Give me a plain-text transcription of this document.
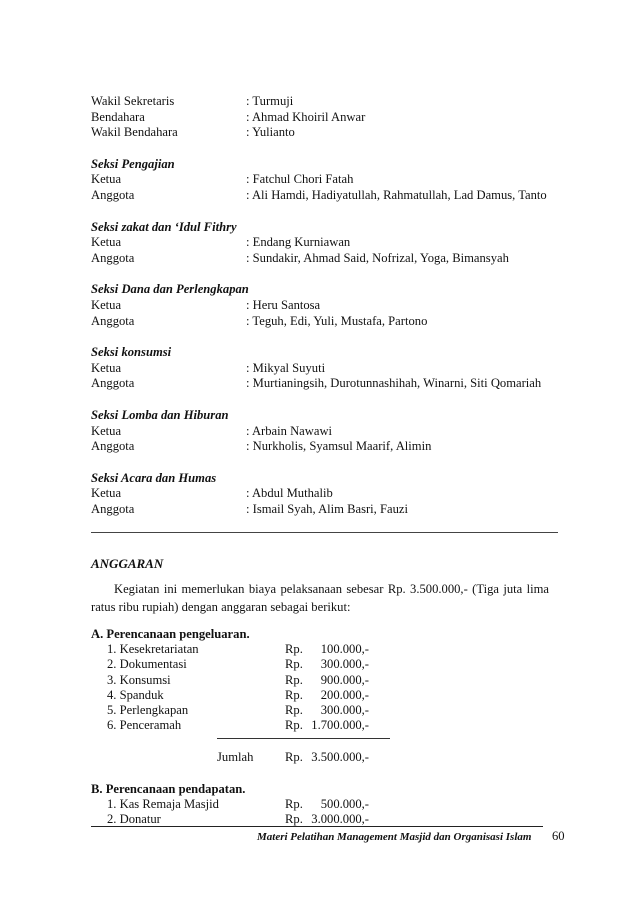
Wakil Sekretaris	: Turmuji
Bendahara	: Ahmad Khoiril Anwar
Wakil Bendahara	: Yulianto
Seksi Pengajian
Ketua	: Fatchul Chori Fatah
Anggota	: Ali Hamdi, Hadiyatullah, Rahmatullah, Lad Damus, Tanto
Seksi zakat dan ‘Idul Fithry
Ketua	: Endang Kurniawan
Anggota	: Sundakir, Ahmad Said, Nofrizal, Yoga, Bimansyah
Seksi Dana dan Perlengkapan
Ketua	: Heru Santosa
Anggota	: Teguh, Edi, Yuli, Mustafa, Partono
Seksi konsumsi
Ketua	: Mikyal Suyuti
Anggota	: Murtianingsih, Durotunnashihah, Winarni, Siti Qomariah
Seksi Lomba dan Hiburan
Ketua	: Arbain Nawawi
Anggota	: Nurkholis, Syamsul Maarif, Alimin
Seksi Acara dan Humas
Ketua	: Abdul Muthalib
Anggota	: Ismail Syah, Alim Basri, Fauzi
ANGGARAN
Kegiatan ini memerlukan biaya pelaksanaan sebesar Rp. 3.500.000,- (Tiga juta lima ratus ribu rupiah) dengan anggaran sebagai berikut:
A. Perencanaan pengeluaran.
1. Kesekretariatan	Rp.	100.000,-
2. Dokumentasi	Rp.	300.000,-
3. Konsumsi	Rp.	900.000,-
4. Spanduk	Rp.	200.000,-
5. Perlengkapan	Rp.	300.000,-
6. Penceramah	Rp. 1.700.000,-
Jumlah	Rp. 3.500.000,-
B. Perencanaan pendapatan.
1. Kas Remaja Masjid	Rp.	500.000,-
2. Donatur	Rp. 3.000.000,-
Materi Pelatihan Management Masjid dan Organisasi Islam 60
